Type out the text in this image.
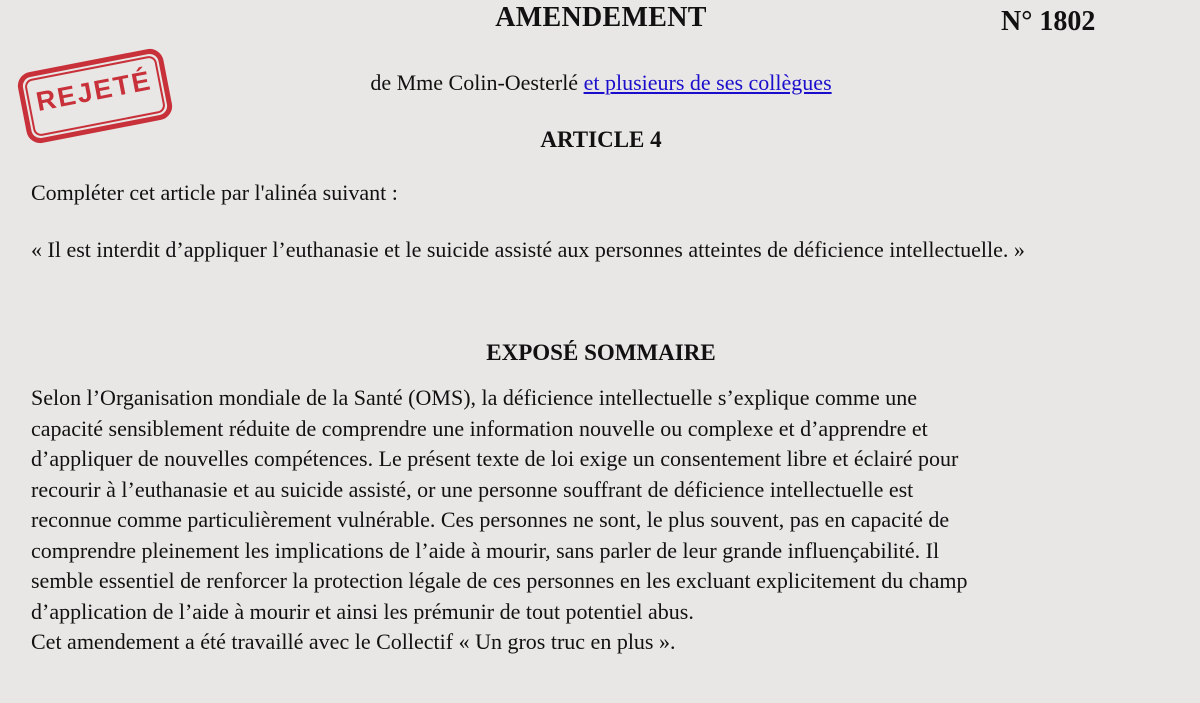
AMENDEMENT	N° 1802
REJETÉ	de Mme Colin-Oesterlé et plusieurs de ses collègues
ARTICLE 4

Compléter cet article par l'alinéa suivant :

« Il est interdit d’appliquer l’euthanasie et le suicide assisté aux personnes atteintes de déficience intellectuelle. »

EXPOSÉ SOMMAIRE
Selon l’Organisation mondiale de la Santé (OMS), la déficience intellectuelle s’explique comme une
capacité sensiblement réduite de comprendre une information nouvelle ou complexe et d’apprendre et
d’appliquer de nouvelles compétences. Le présent texte de loi exige un consentement libre et éclairé pour
recourir à l’euthanasie et au suicide assisté, or une personne souffrant de déficience intellectuelle est
reconnue comme particulièrement vulnérable. Ces personnes ne sont, le plus souvent, pas en capacité de
comprendre pleinement les implications de l’aide à mourir, sans parler de leur grande influençabilité. Il
semble essentiel de renforcer la protection légale de ces personnes en les excluant explicitement du champ
d’application de l’aide à mourir et ainsi les prémunir de tout potentiel abus.
Cet amendement a été travaillé avec le Collectif « Un gros truc en plus ».
